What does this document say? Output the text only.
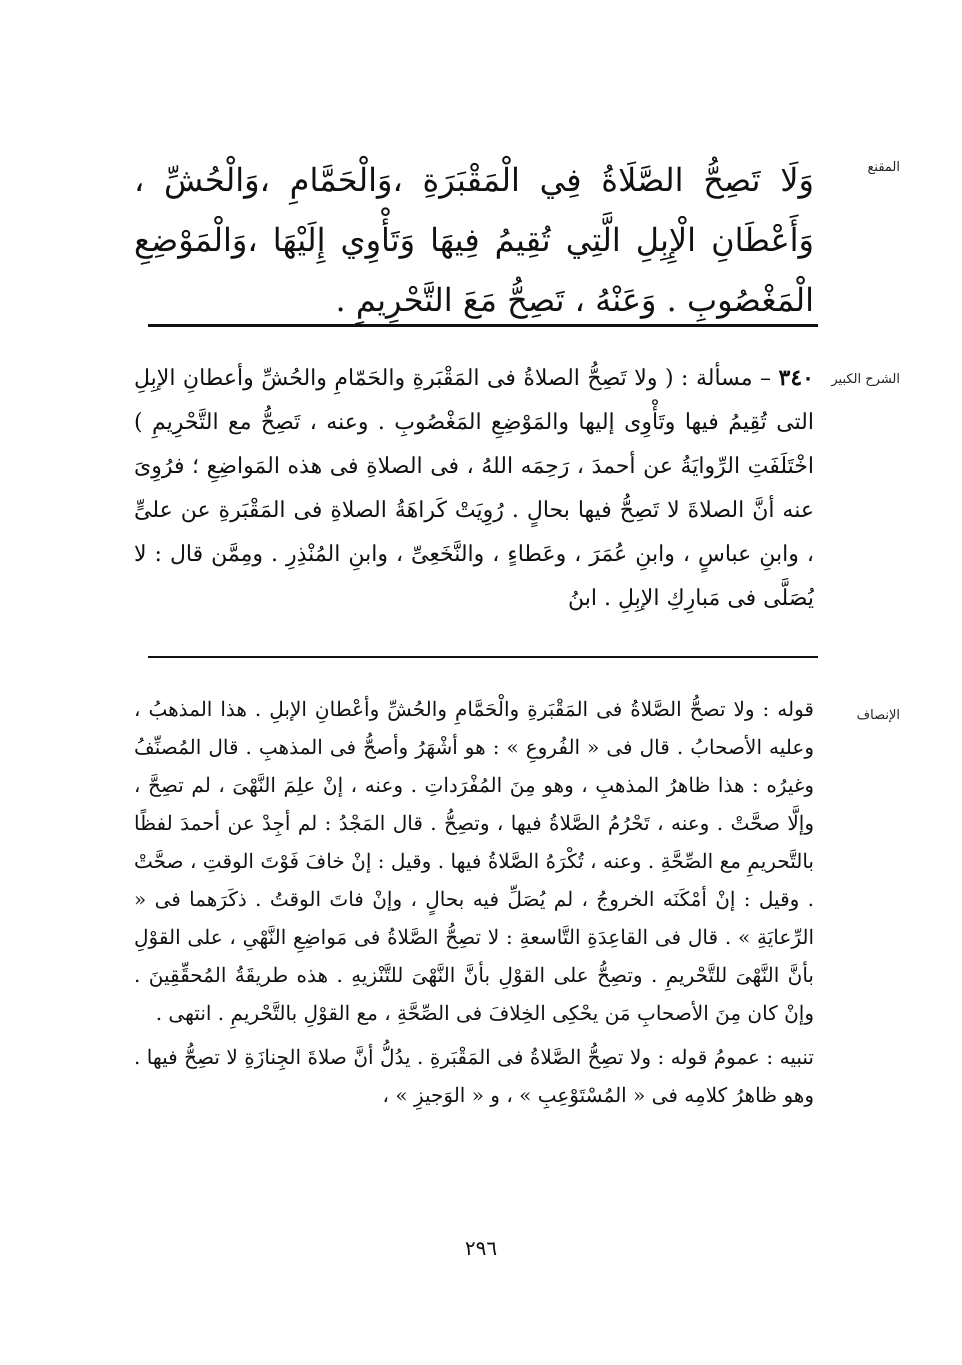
المقنع

وَلَا تَصِحُّ الصَّلَاةُ فِي الْمَقْبَرَةِ ،وَالْحَمَّامِ ،وَالْحُشِّ ، وَأَعْطَانِ الْإِبِلِ الَّتِي تُقِيمُ فِيهَا وَتَأْوِي إِلَيْهَا ،وَالْمَوْضِعِ الْمَغْصُوبِ . وَعَنْهُ ، تَصِحُّ مَعَ التَّحْرِيمِ .

الشرح الكبير

٣٤٠ – مسألة : ( ولا تَصِحُّ الصلاةُ فى المَقْبَرةِ والحَمّامِ والحُشِّ وأعطانِ الإبِلِ التى تُقِيمُ فيها وتَأْوِى إليها والمَوْضِعِ المَغْصُوبِ . وعنه ، تَصِحُّ مع التَّحْرِيمِ ) اخْتَلَفَتِ الرِّوايَةُ عن أحمدَ ، رَحِمَه اللهُ ، فى الصلاةِ فى هذه المَواضِعِ ؛ فرُوِىَ عنه أنَّ الصلاةَ لا تَصِحُّ فيها بحالٍ . رُوِيَتْ كَراهَةُ الصلاةِ فى المَقْبَرةِ عن علىٍّ ، وابنِ عباسٍ ، وابنِ عُمَرَ ، وعَطاءٍ ، والنَّخَعِىِّ ، وابنِ المُنْذِرِ . ومِمَّن قال : لا يُصَلَّى فى مَبارِكِ الإبِلِ . ابنُ

الإنصاف

قوله : ولا تصحُّ الصَّلاةُ فى المَقْبَرةِ والْحَمَّامِ والحُشِّ وأعْطانِ الإبلِ . هذا المذهبُ ، وعليه الأصحابُ . قال فى « الفُروعِ » : هو أشْهَرُ وأصحُّ فى المذهبِ . قال المُصنِّفُ وغيرُه : هذا ظاهرُ المذهبِ ، وهو مِنَ المُفْرَداتِ . وعنه ، إنْ علِمَ النَّهْىَ ، لم تصِحَّ ، وإلَّا صحَّتْ . وعنه ، تَحْرُمُ الصَّلاةُ فيها ، وتصِحُّ . قال المَجْدُ : لم أجِدْ عن أحمدَ لفظًا بالتَّحريمِ مع الصِّحَّةِ . وعنه ، تُكْرَهُ الصَّلاةُ فيها . وقيل : إنْ خافَ فَوْتَ الوقتِ ، صحَّتْ . وقيل : إنْ أمْكَنَه الخروجُ ، لم يُصَلِّ فيه بحالٍ ، وإنْ فاتَ الوقتُ . ذكَرَهما فى « الرِّعايَةِ » . قال فى القاعِدَةِ التَّاسعةِ : لا تصِحُّ الصَّلاةُ فى مَواضِعِ النَّهْىِ ، على القوْلِ بأنَّ النَّهْىَ للتَّحْريمِ . وتصِحُّ على القوْلِ بأنَّ النَّهْىَ للتَّنْزيهِ . هذه طريقَةُ المُحقِّقِينَ . وإنْ كان مِنَ الأصحابِ مَن يحْكِى الخِلافَ فى الصِّحَّةِ ، مع القوْلِ بالتَّحْريمِ . انتهى .

تنبيه : عمومُ قوله : ولا تصِحُّ الصَّلاةُ فى المَقْبَرةِ . يدُلُّ أنَّ صلاةَ الجِنازَةِ لا تصِحُّ فيها . وهو ظاهرُ كلامِه فى « المُسْتَوْعِبِ » ، و « الوَجيزِ » ،

٢٩٦
